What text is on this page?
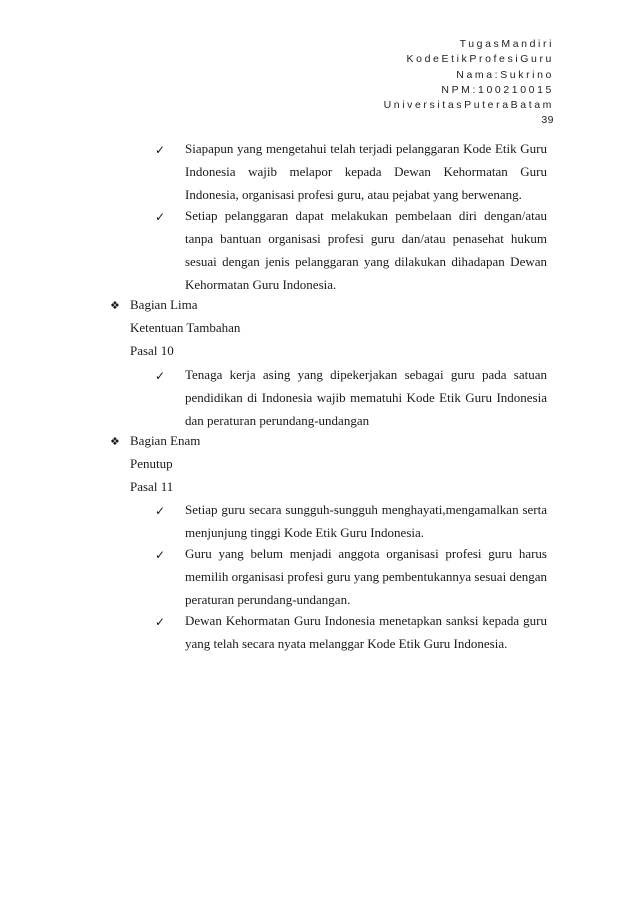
TugasMandiri
KodeEtikProfesiGuru
Nama:Sukrino
NPM:100210015
UniversitasPuteraBatam
39
✓ Siapapun yang mengetahui telah terjadi pelanggaran Kode Etik Guru
Indonesia wajib melapor kepada Dewan Kehormatan Guru
Indonesia, organisasi profesi guru, atau pejabat yang berwenang.
✓ Setiap pelanggaran dapat melakukan pembelaan diri dengan/atau
tanpa bantuan organisasi profesi guru dan/atau penasehat hukum
sesuai dengan jenis pelanggaran yang dilakukan dihadapan Dewan
Kehormatan Guru Indonesia.
❖ Bagian Lima
Ketentuan Tambahan
Pasal 10
✓ Tenaga kerja asing yang dipekerjakan sebagai guru pada satuan
pendidikan di Indonesia wajib mematuhi Kode Etik Guru Indonesia
dan peraturan perundang-undangan
❖ Bagian Enam
Penutup
Pasal 11
✓ Setiap guru secara sungguh-sungguh menghayati,mengamalkan serta
menjunjung tinggi Kode Etik Guru Indonesia.
✓ Guru yang belum menjadi anggota organisasi profesi guru harus
memilih organisasi profesi guru yang pembentukannya sesuai dengan
peraturan perundang-undangan.
✓ Dewan Kehormatan Guru Indonesia menetapkan sanksi kepada guru
yang telah secara nyata melanggar Kode Etik Guru Indonesia.
